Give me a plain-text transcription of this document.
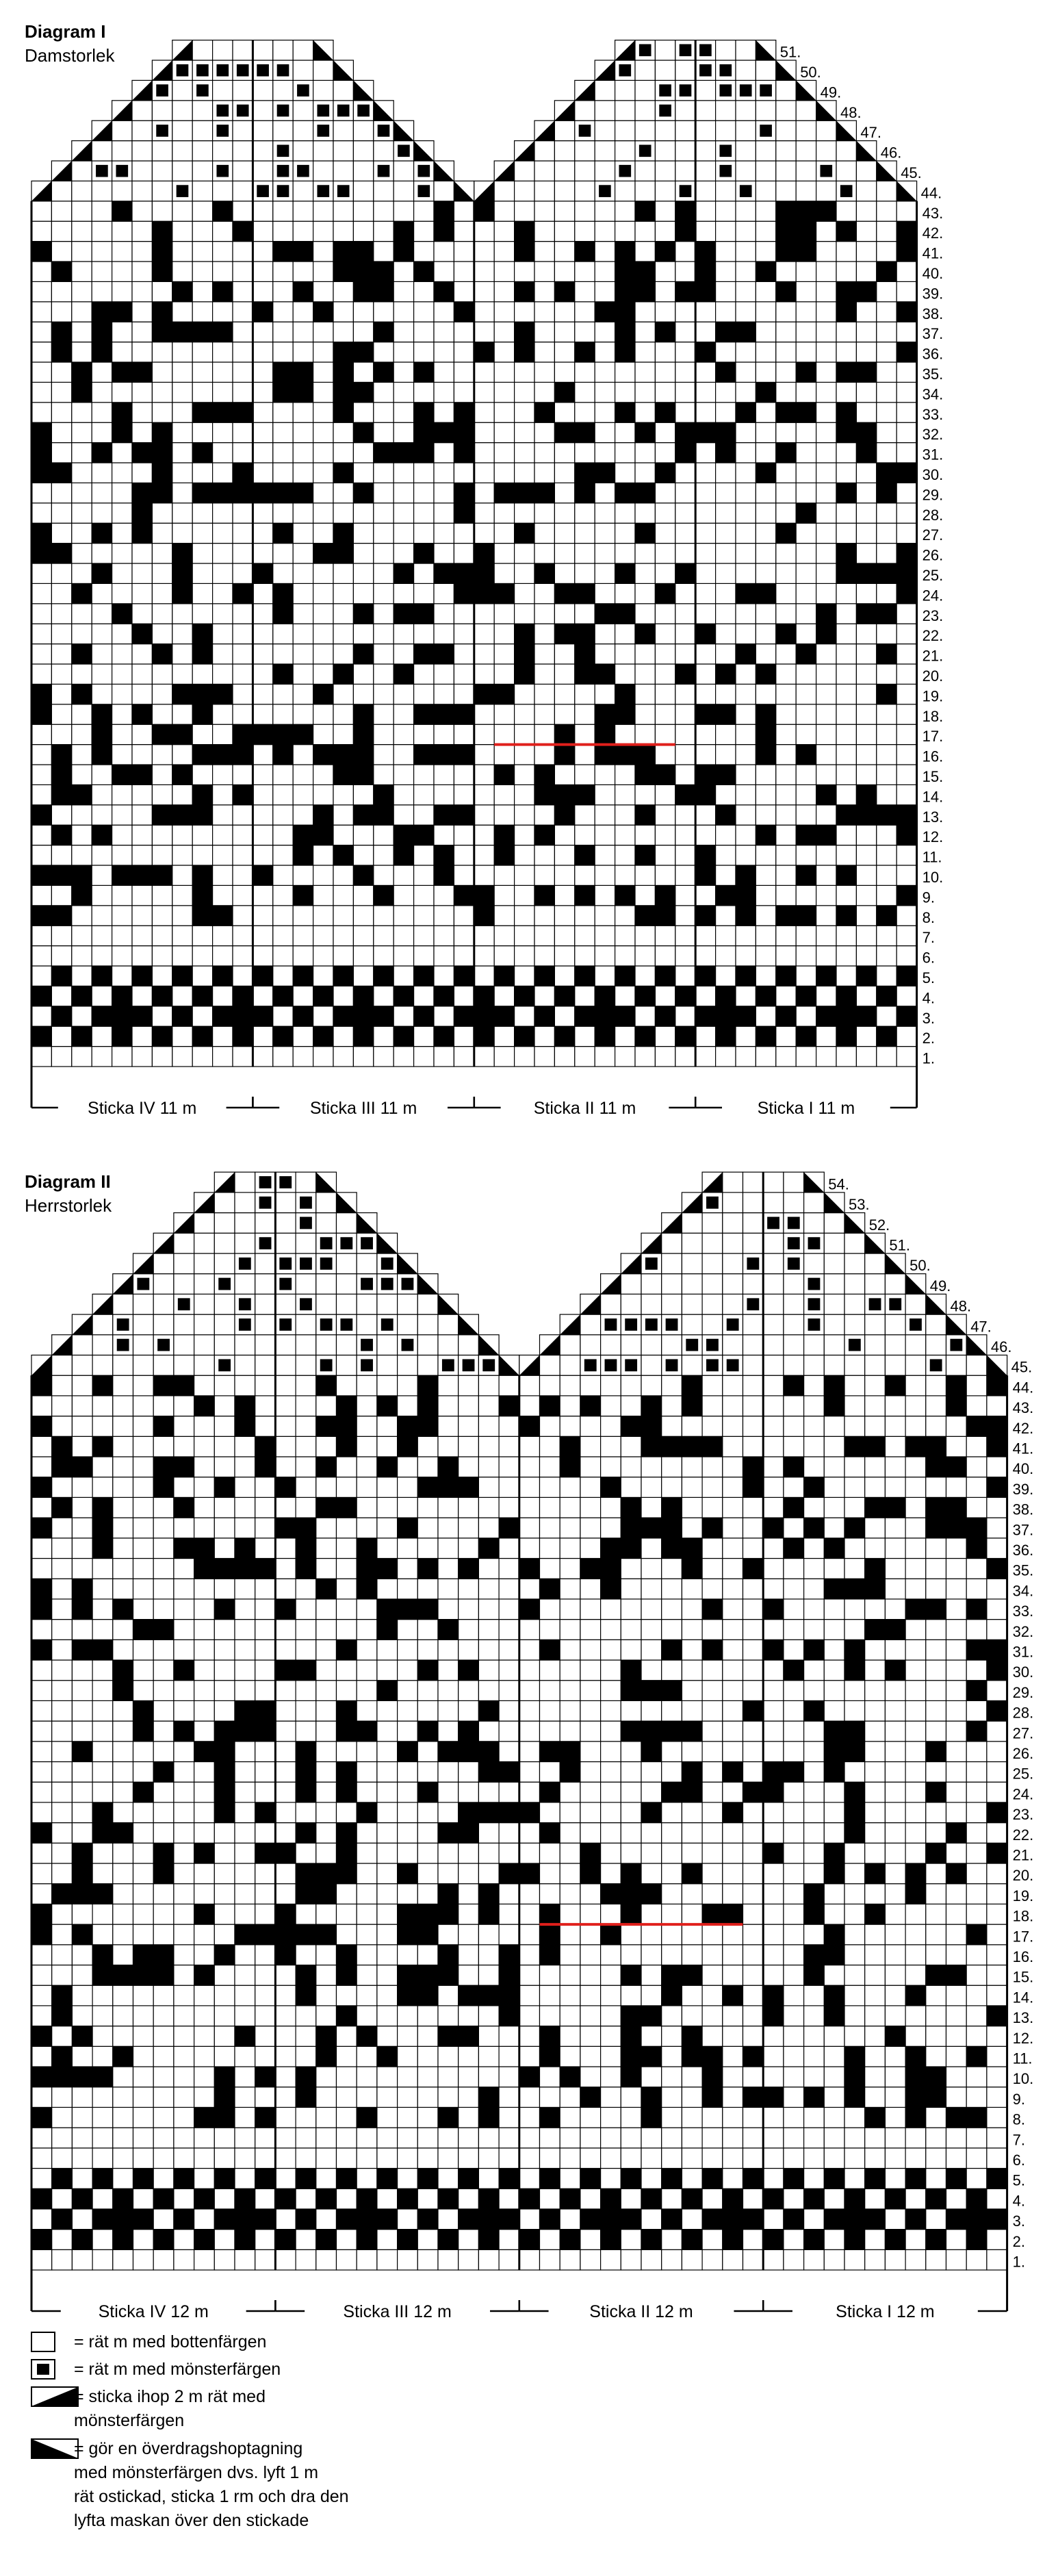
Diagram I
Damstorlek
1.
2.
3.
4.
5.
6.
7.
8.
9.
10.
11.
12.
13.
14.
15.
16.
17.
18.
19.
20.
21.
22.
23.
24.
25.
26.
27.
28.
29.
30.
31.
32.
33.
34.
35.
36.
37.
38.
39.
40.
41.
42.
43.
44.
45.
46.
47.
48.
49.
50.
51.
Sticka IV 11 m	Sticka III 11 m	Sticka II 11 m	Sticka I 11 m
Diagram II
Herrstorlek
1.
2.
3.
4.
5.
6.
7.
8.
9.
10.
11.
12.
13.
14.
15.
16.
17.
18.
19.
20.
21.
22.
23.
24.
25.
26.
27.
28.
29.
30.
31.
32.
33.
34.
35.
36.
37.
38.
39.
40.
41.
42.
43.
44.
45.
46.
47.
48.
49.
50.
51.
52.
53.
54.
Sticka IV 12 m	Sticka III 12 m	Sticka II 12 m	Sticka I 12 m
= rät m med bottenfärgen
= rät m med mönsterfärgen
= sticka ihop 2 m rät med
mönsterfärgen
= gör en överdragshoptagning
med mönsterfärgen dvs. lyft 1 m
rät ostickad, sticka 1 rm och dra den
lyfta maskan över den stickade
